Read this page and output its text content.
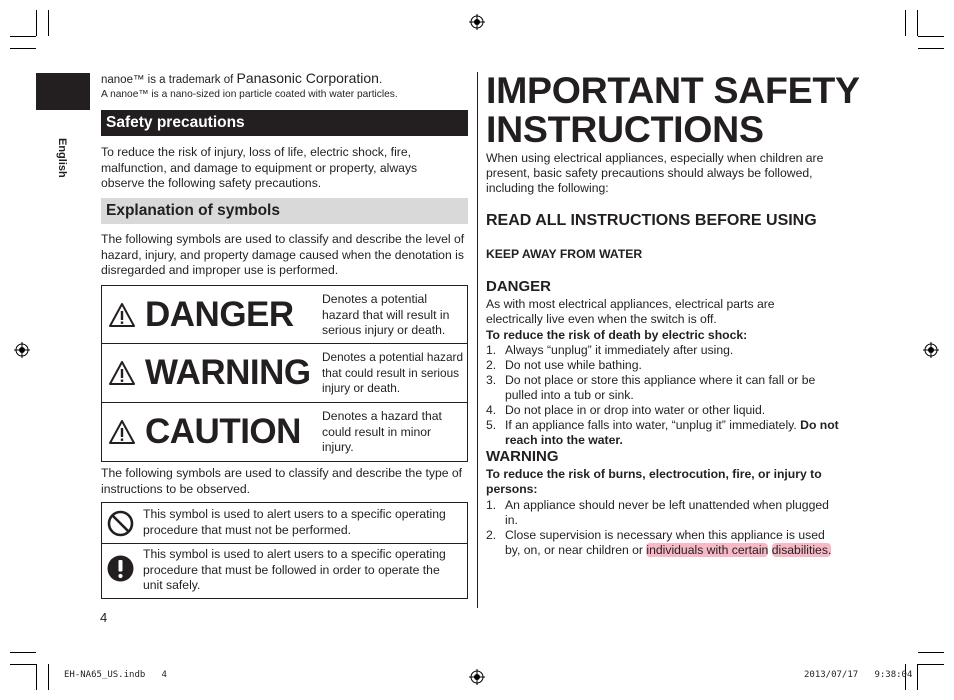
English
nanoe™ is a trademark of Panasonic Corporation.
A nanoe™ is a nano-sized ion particle coated with water particles.
Safety precautions

To reduce the risk of injury, loss of life, electric shock, fire, malfunction, and damage to equipment or property, always observe the following safety precautions.

Explanation of symbols

The following symbols are used to classify and describe the level of hazard, injury, and property damage caused when the denotation is disregarded and improper use is performed.

DANGER Denotes a potential hazard that will result in serious injury or death.
WARNING Denotes a potential hazard that could result in serious injury or death.
CAUTION Denotes a hazard that could result in minor injury.

The following symbols are used to classify and describe the type of instructions to be observed.

This symbol is used to alert users to a specific operating procedure that must not be performed.
This symbol is used to alert users to a specific operating procedure that must be followed in order to operate the unit safely.
4
IMPORTANT SAFETY
INSTRUCTIONS

When using electrical appliances, especially when children are present, basic safety precautions should always be followed, including the following:

READ ALL INSTRUCTIONS BEFORE USING
KEEP AWAY FROM WATER
DANGER

As with most electrical appliances, electrical parts are electrically live even when the switch is off.

To reduce the risk of death by electric shock:

1. Always “unplug” it immediately after using.
2. Do not use while bathing.
3. Do not place or store this appliance where it can fall or be pulled into a tub or sink.
4. Do not place in or drop into water or other liquid.
5. If an appliance falls into water, “unplug it” immediately. Do not reach into the water.
WARNING

To reduce the risk of burns, electrocution, fire, or injury to persons:

1. An appliance should never be left unattended when plugged in.
2. Close supervision is necessary when this appliance is used by, on, or near children or individuals with certain disabilities.
EH-NA65_US.indb   4	2013/07/17   9:38:04
